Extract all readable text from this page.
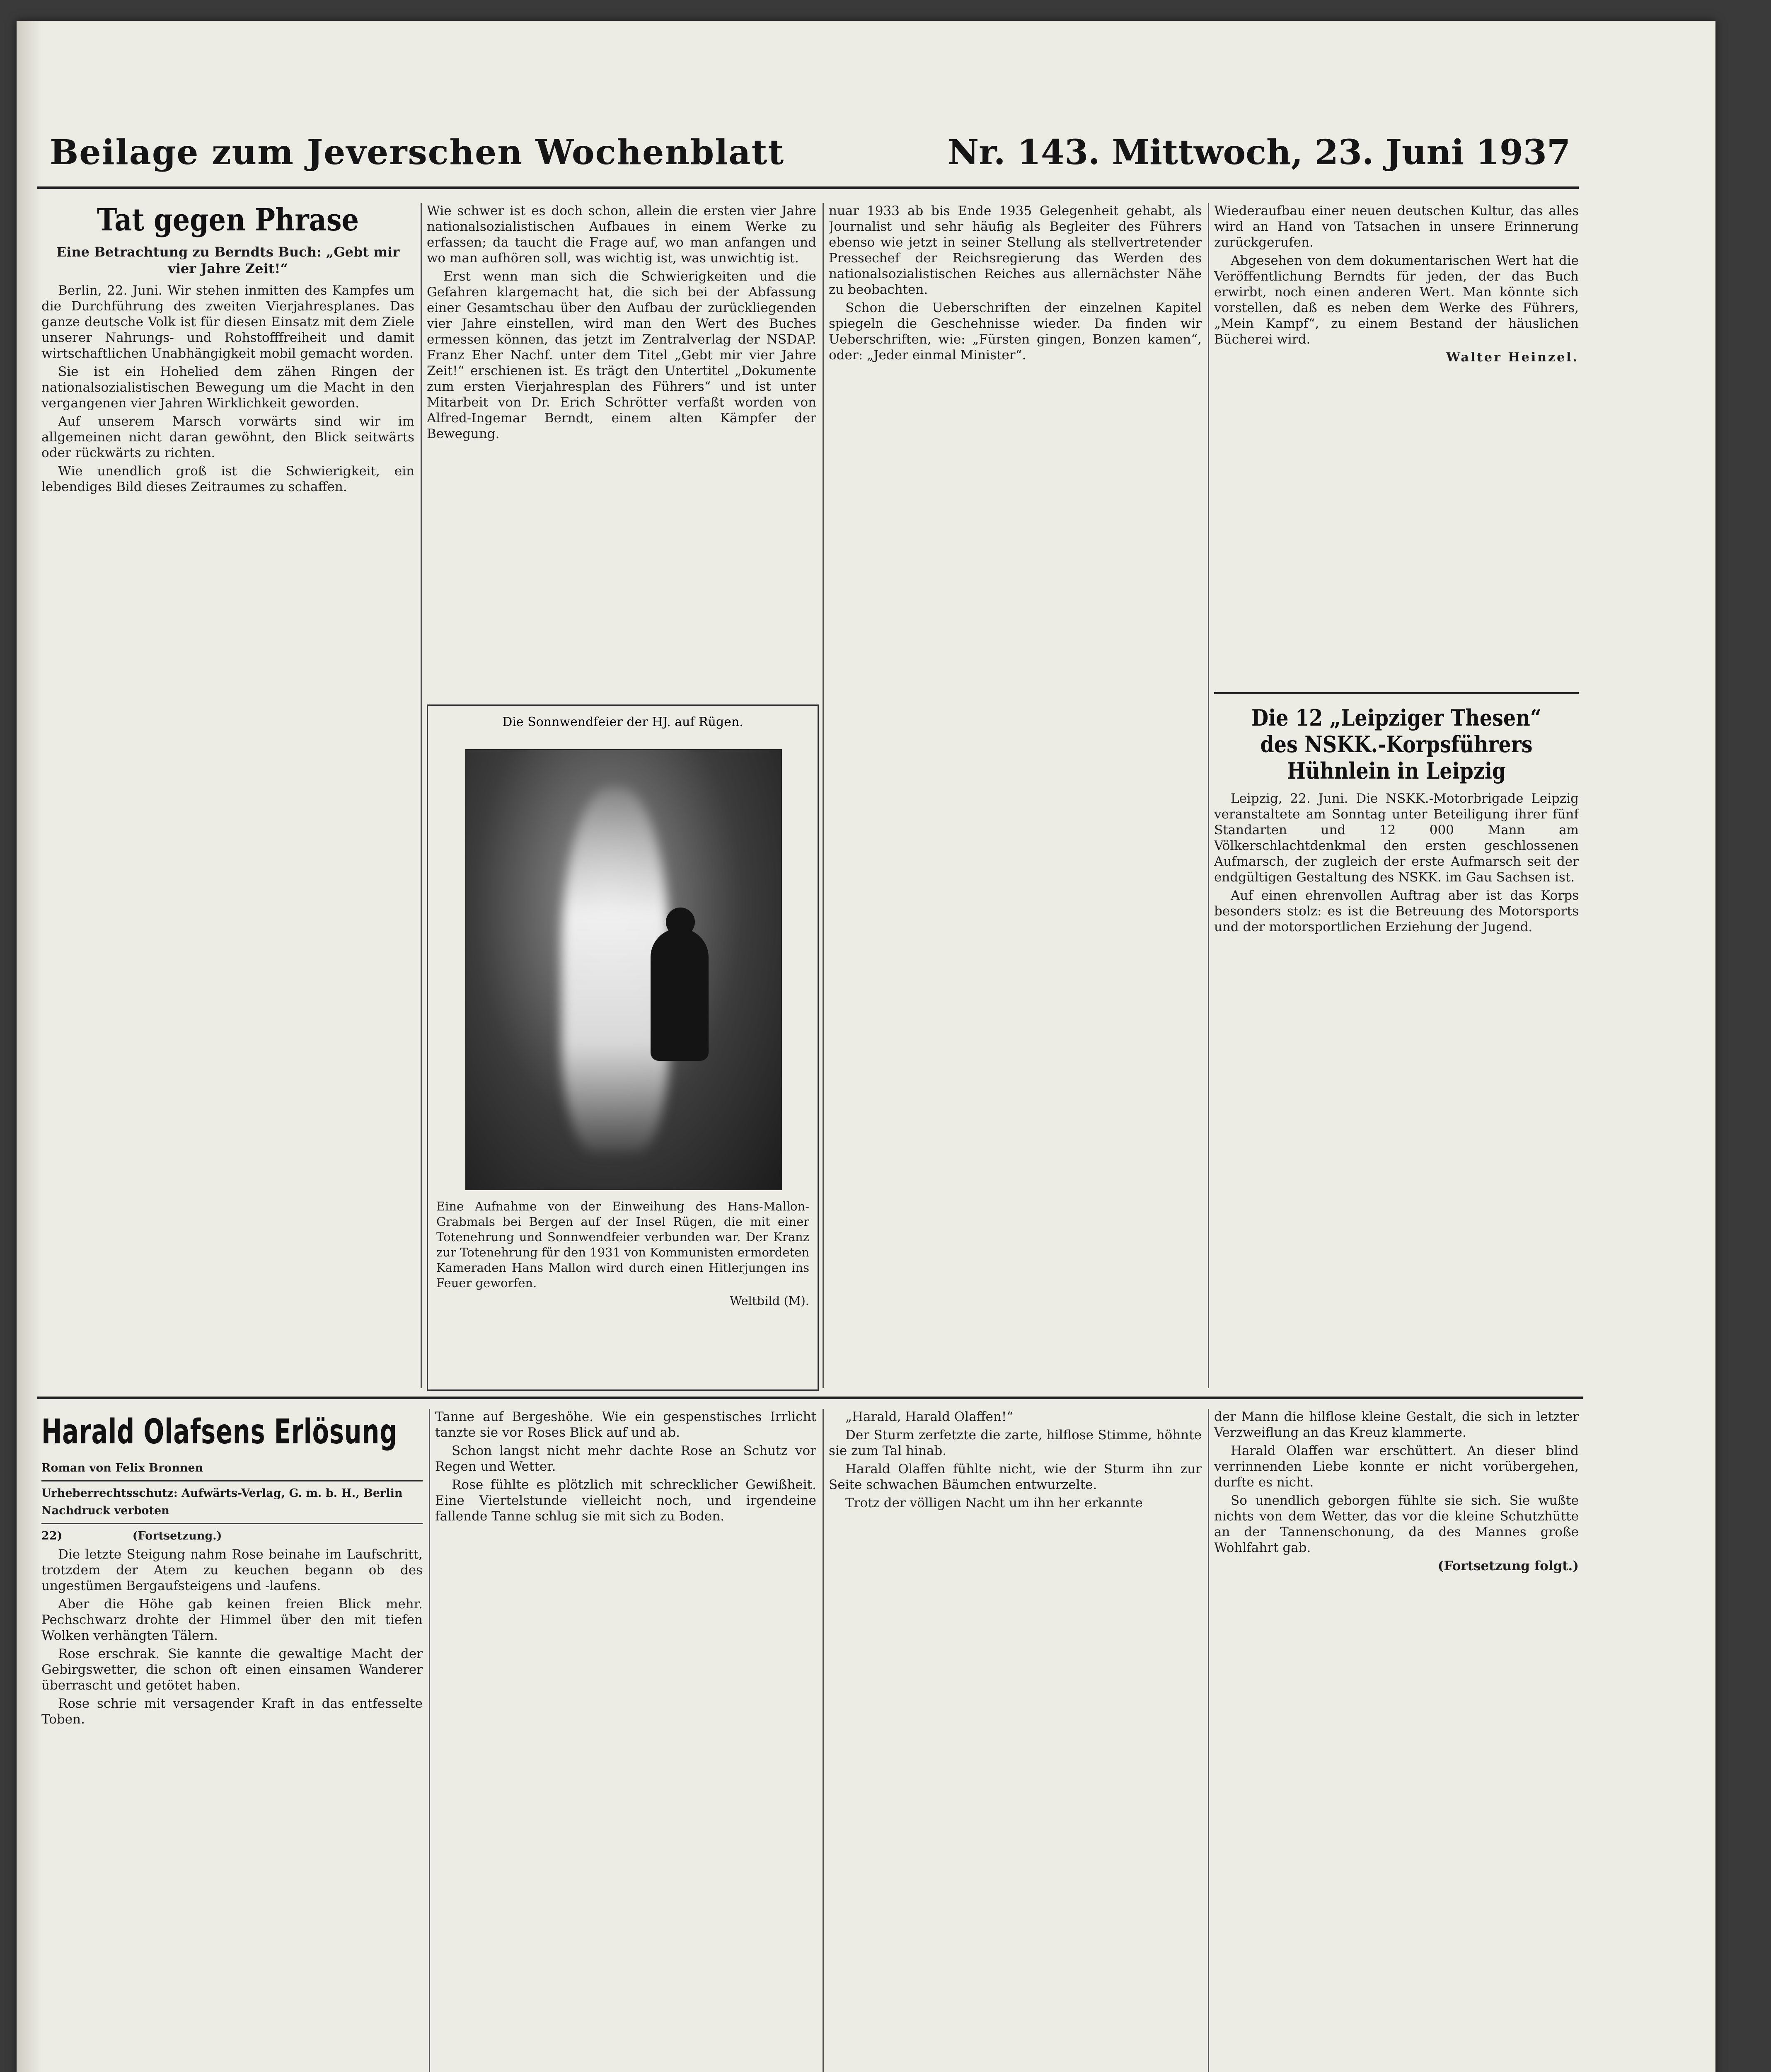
Beilage zum Jeverschen Wochenblatt	Nr. 143. Mittwoch, 23. Juni 1937
Tat gegen Phrase
Eine Betrachtung zu Berndts Buch: „Gebt mir vier Jahre Zeit!“

Berlin, 22. Juni. Wir stehen inmitten des Kampfes um die Durchführung des zweiten Vierjahresplanes. Das ganze deutsche Volk ist für diesen Einsatz mit dem Ziele unserer Nahrungs- und Rohstofffreiheit und damit wirtschaftlichen Unabhängigkeit mobil gemacht worden.

Sie ist ein Hohelied dem zähen Ringen der nationalsozialistischen Bewegung um die Macht in den vergangenen vier Jahren Wirklichkeit geworden.

Auf unserem Marsch vorwärts sind wir im allgemeinen nicht daran gewöhnt, den Blick seitwärts oder rückwärts zu richten.

Wie unendlich groß ist die Schwierigkeit, ein lebendiges Bild dieses Zeitraumes zu schaffen.

Wie schwer ist es doch schon, allein die ersten vier Jahre nationalsozialistischen Aufbaues in einem Werke zu erfassen; da taucht die Frage auf, wo man anfangen und wo man aufhören soll, was wichtig ist, was unwichtig ist.

Erst wenn man sich die Schwierigkeiten und die Gefahren klargemacht hat, die sich bei der Abfassung einer Gesamtschau über den Aufbau der zurückliegenden vier Jahre einstellen, wird man den Wert des Buches ermessen können, das jetzt im Zentralverlag der NSDAP. Franz Eher Nachf. unter dem Titel „Gebt mir vier Jahre Zeit!“ erschienen ist. Es trägt den Untertitel „Dokumente zum ersten Vierjahresplan des Führers“ und ist unter Mitarbeit von Dr. Erich Schrötter verfaßt worden von Alfred-Ingemar Berndt, einem alten Kämpfer der Bewegung.

Die Sonnwendfeier der HJ. auf Rügen.
Eine Aufnahme von der Einweihung des Hans-Mallon-Grabmals bei Bergen auf der Insel Rügen, die mit einer Totenehrung und Sonnwendfeier verbunden war. Der Kranz zur Totenehrung für den 1931 von Kommunisten ermordeten Kameraden Hans Mallon wird durch einen Hitlerjungen ins Feuer geworfen.
Weltbild (M).

nuar 1933 ab bis Ende 1935 Gelegenheit gehabt, als Journalist und sehr häufig als Begleiter des Führers ebenso wie jetzt in seiner Stellung als stellvertretender Pressechef der Reichsregierung das Werden des nationalsozialistischen Reiches aus allernächster Nähe zu beobachten.

Schon die Ueberschriften der einzelnen Kapitel spiegeln die Geschehnisse wieder. Da finden wir Ueberschriften, wie: „Fürsten gingen, Bonzen kamen“, oder: „Jeder einmal Minister“.

Wiederaufbau einer neuen deutschen Kultur, das alles wird an Hand von Tatsachen in unsere Erinnerung zurückgerufen.

Abgesehen von dem dokumentarischen Wert hat die Veröffentlichung Berndts für jeden, der das Buch erwirbt, noch einen anderen Wert. Man könnte sich vorstellen, daß es neben dem Werke des Führers, „Mein Kampf“, zu einem Bestand der häuslichen Bücherei wird.

Walter Heinzel.
Die 12 „Leipziger Thesen“ des NSKK.-Korpsführers Hühnlein in Leipzig

Leipzig, 22. Juni. Die NSKK.-Motorbrigade Leipzig veranstaltete am Sonntag unter Beteiligung ihrer fünf Standarten und 12 000 Mann am Völkerschlachtdenkmal den ersten geschlossenen Aufmarsch, der zugleich der erste Aufmarsch seit der endgültigen Gestaltung des NSKK. im Gau Sachsen ist.

Auf einen ehrenvollen Auftrag aber ist das Korps besonders stolz: es ist die Betreuung des Motorsports und der motorsportlichen Erziehung der Jugend.

Harald Olafsens Erlösung
Roman von Felix Bronnen
Urheberrechtsschutz: Aufwärts-Verlag, G. m. b. H., Berlin
Nachdruck verboten
22)	(Fortsetzung.)

Die letzte Steigung nahm Rose beinahe im Laufschritt, trotzdem der Atem zu keuchen begann ob des ungestümen Bergaufsteigens und -laufens.

Aber die Höhe gab keinen freien Blick mehr. Pechschwarz drohte der Himmel über den mit tiefen Wolken verhängten Tälern.

Rose erschrak. Sie kannte die gewaltige Macht der Gebirgswetter, die schon oft einen einsamen Wanderer überrascht und getötet haben.

Rose schrie mit versagender Kraft in das entfesselte Toben.

Tanne auf Bergeshöhe. Wie ein gespenstisches Irrlicht tanzte sie vor Roses Blick auf und ab.

Schon langst nicht mehr dachte Rose an Schutz vor Regen und Wetter.

Rose fühlte es plötzlich mit schrecklicher Gewißheit. Eine Viertelstunde vielleicht noch, und irgendeine fallende Tanne schlug sie mit sich zu Boden.

„Harald, Harald Olaffen!“

Der Sturm zerfetzte die zarte, hilflose Stimme, höhnte sie zum Tal hinab.

Harald Olaffen fühlte nicht, wie der Sturm ihn zur Seite schwachen Bäumchen entwurzelte.

Trotz der völligen Nacht um ihn her erkannte

der Mann die hilflose kleine Gestalt, die sich in letzter Verzweiflung an das Kreuz klammerte.

Harald Olaffen war erschüttert. An dieser blind verrinnenden Liebe konnte er nicht vorübergehen, durfte es nicht.

So unendlich geborgen fühlte sie sich. Sie wußte nichts von dem Wetter, das vor die kleine Schutzhütte an der Tannenschonung, da des Mannes große Wohlfahrt gab.

(Fortsetzung folgt.)
